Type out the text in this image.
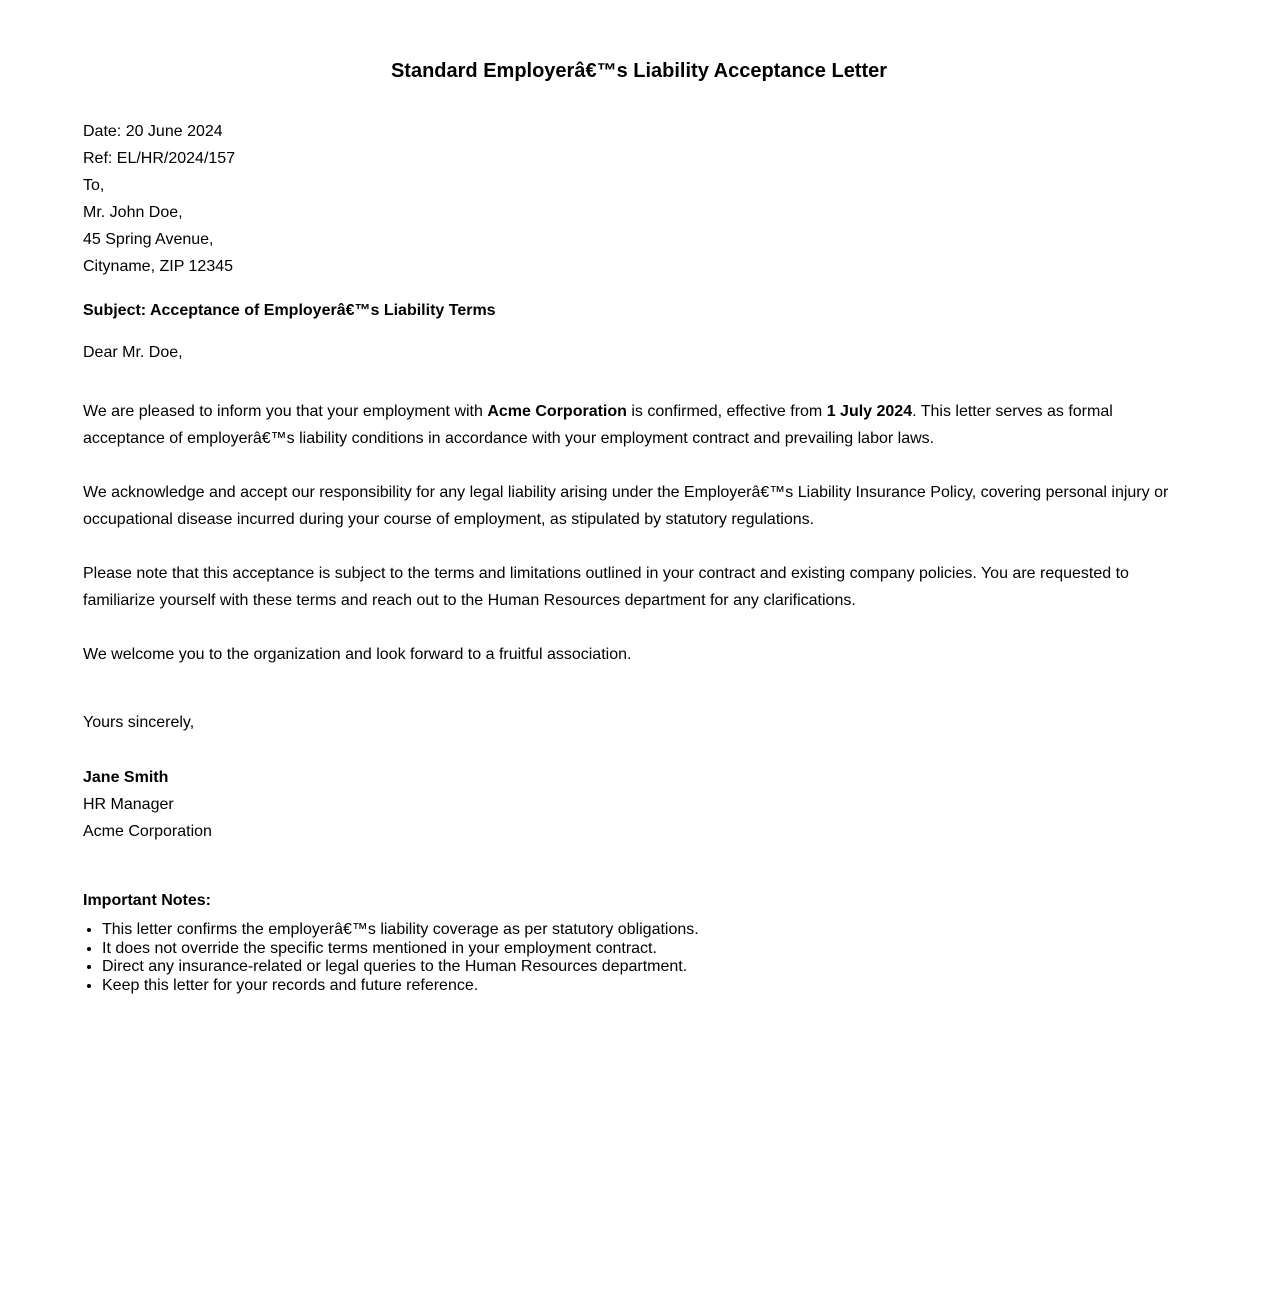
Standard Employerâ€™s Liability Acceptance Letter
Date: 20 June 2024
Ref: EL/HR/2024/157
To,
Mr. John Doe,
45 Spring Avenue,
Cityname, ZIP 12345

Subject: Acceptance of Employerâ€™s Liability Terms

Dear Mr. Doe,

We are pleased to inform you that your employment with Acme Corporation is confirmed, effective from 1 July 2024. This letter serves as formal acceptance of employerâ€™s liability conditions in accordance with your employment contract and prevailing labor laws.

We acknowledge and accept our responsibility for any legal liability arising under the Employerâ€™s Liability Insurance Policy, covering personal injury or occupational disease incurred during your course of employment, as stipulated by statutory regulations.

Please note that this acceptance is subject to the terms and limitations outlined in your contract and existing company policies. You are requested to familiarize yourself with these terms and reach out to the Human Resources department for any clarifications.

We welcome you to the organization and look forward to a fruitful association.

Yours sincerely,

Jane Smith
HR Manager
Acme Corporation

Important Notes:

• This letter confirms the employerâ€™s liability coverage as per statutory obligations.
• It does not override the specific terms mentioned in your employment contract.
• Direct any insurance-related or legal queries to the Human Resources department.
• Keep this letter for your records and future reference.
